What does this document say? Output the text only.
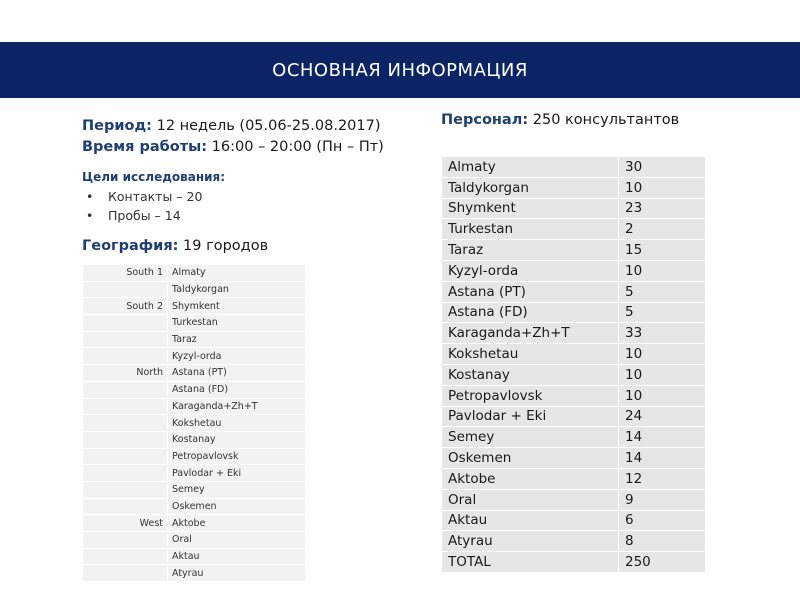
ОСНОВНАЯ ИНФОРМАЦИЯ
Период: 12 недель (05.06-25.08.2017)
Время работы: 16:00 – 20:00 (Пн – Пт)
Цели исследования:
• Контакты – 20
• Пробы – 14
География: 19 городов
Персонал: 250 консультантов
South 1	Almaty
	Taldykorgan
South 2	Shymkent
	Turkestan
	Taraz
	Kyzyl-orda
North	Astana (PT)
	Astana (FD)
	Karaganda+Zh+T
	Kokshetau
	Kostanay
	Petropavlovsk
	Pavlodar + Eki
	Semey
	Oskemen
West	Aktobe
	Oral
	Aktau
	Atyrau
Almaty	30
Taldykorgan	10
Shymkent	23
Turkestan	2
Taraz	15
Kyzyl-orda	10
Astana (PT)	5
Astana (FD)	5
Karaganda+Zh+T	33
Kokshetau	10
Kostanay	10
Petropavlovsk	10
Pavlodar + Eki	24
Semey	14
Oskemen	14
Aktobe	12
Oral	9
Aktau	6
Atyrau	8
TOTAL	250
